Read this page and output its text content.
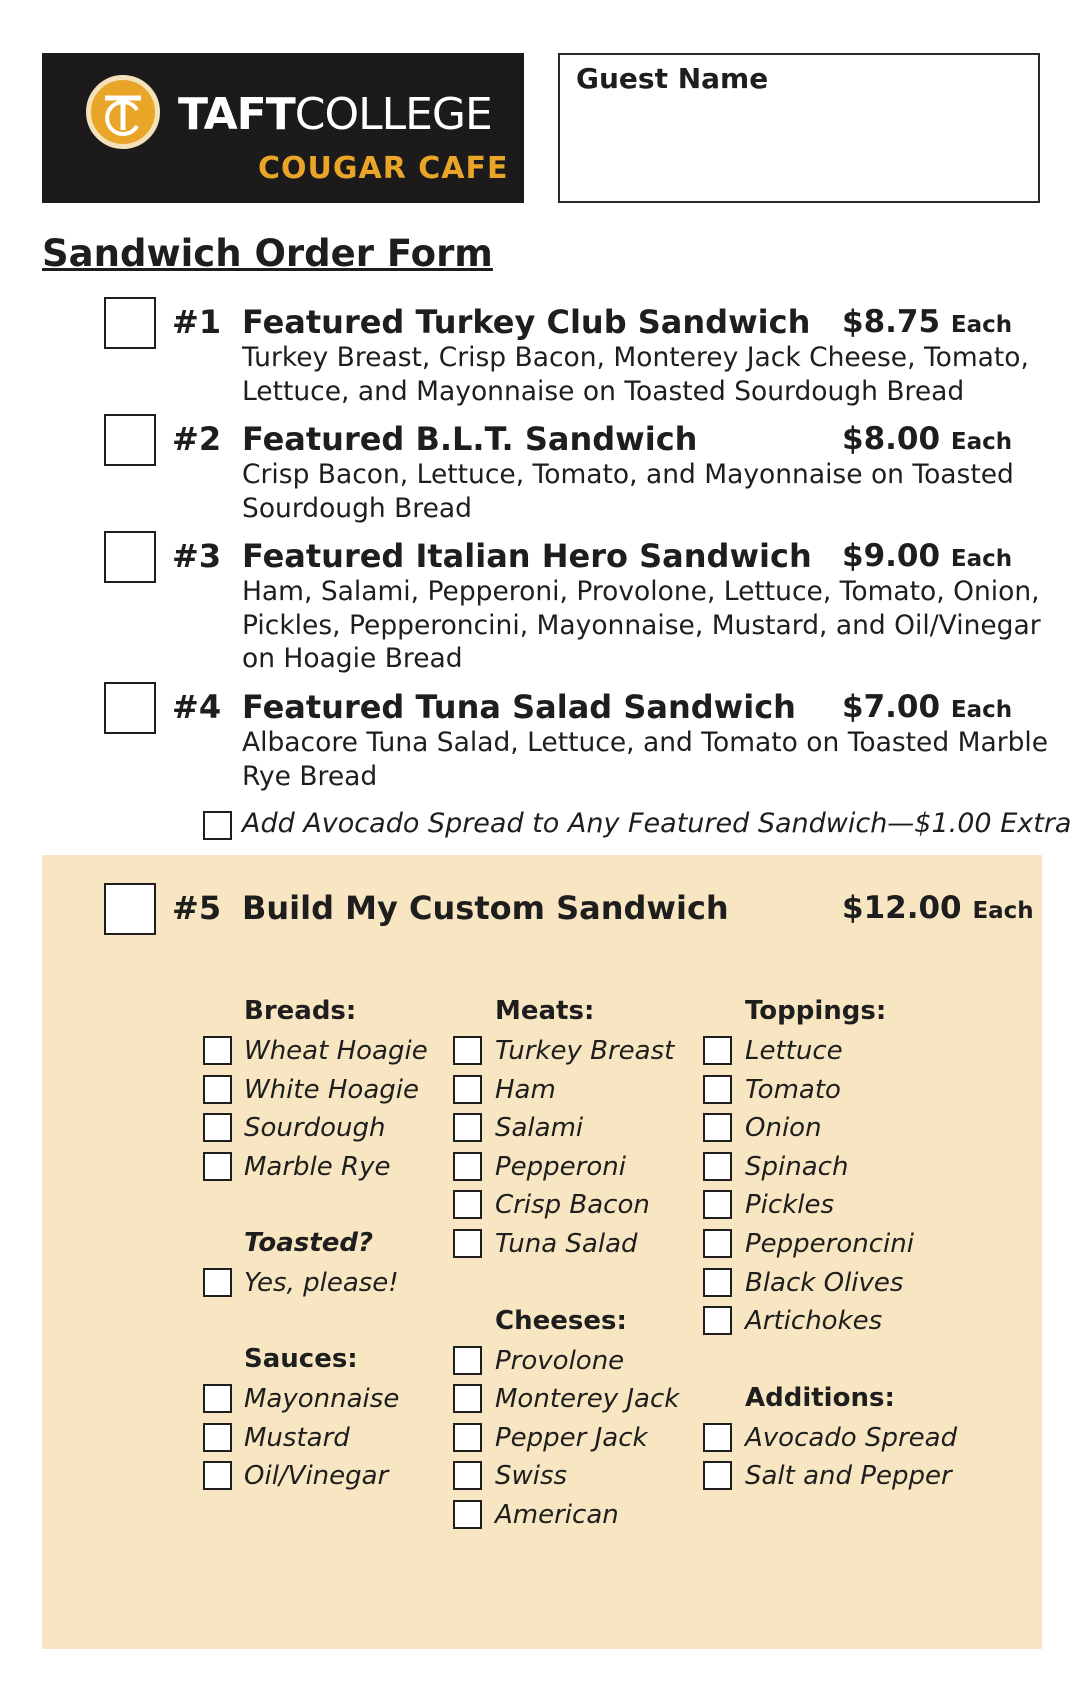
TAFTCOLLEGE
COUGAR CAFE
Guest Name
Sandwich Order Form
#1 Featured Turkey Club Sandwich $8.75 Each
Turkey Breast, Crisp Bacon, Monterey Jack Cheese, Tomato, Lettuce, and Mayonnaise on Toasted Sourdough Bread
#2 Featured B.L.T. Sandwich	$8.00 Each
Crisp Bacon, Lettuce, Tomato, and Mayonnaise on Toasted Sourdough Bread
#3 Featured Italian Hero Sandwich $9.00 Each
Ham, Salami, Pepperoni, Provolone, Lettuce, Tomato, Onion, Pickles, Pepperoncini, Mayonnaise, Mustard, and Oil/Vinegar on Hoagie Bread
#4 Featured Tuna Salad Sandwich $7.00 Each
Albacore Tuna Salad, Lettuce, and Tomato on Toasted Marble Rye Bread
Add Avocado Spread to Any Featured Sandwich—$1.00 Extra
#5 Build My Custom Sandwich	$12.00 Each
Breads:
Wheat Hoagie
White Hoagie
Sourdough
Marble Rye
Toasted?
Yes, please!
Sauces:
Mayonnaise
Mustard
Oil/Vinegar
Meats:
Turkey Breast
Ham
Salami
Pepperoni
Crisp Bacon
Tuna Salad
Cheeses:
Provolone
Monterey Jack
Pepper Jack
Swiss
American
Toppings:
Lettuce
Tomato
Onion
Spinach
Pickles
Pepperoncini
Black Olives
Artichokes
Additions:
Avocado Spread
Salt and Pepper
